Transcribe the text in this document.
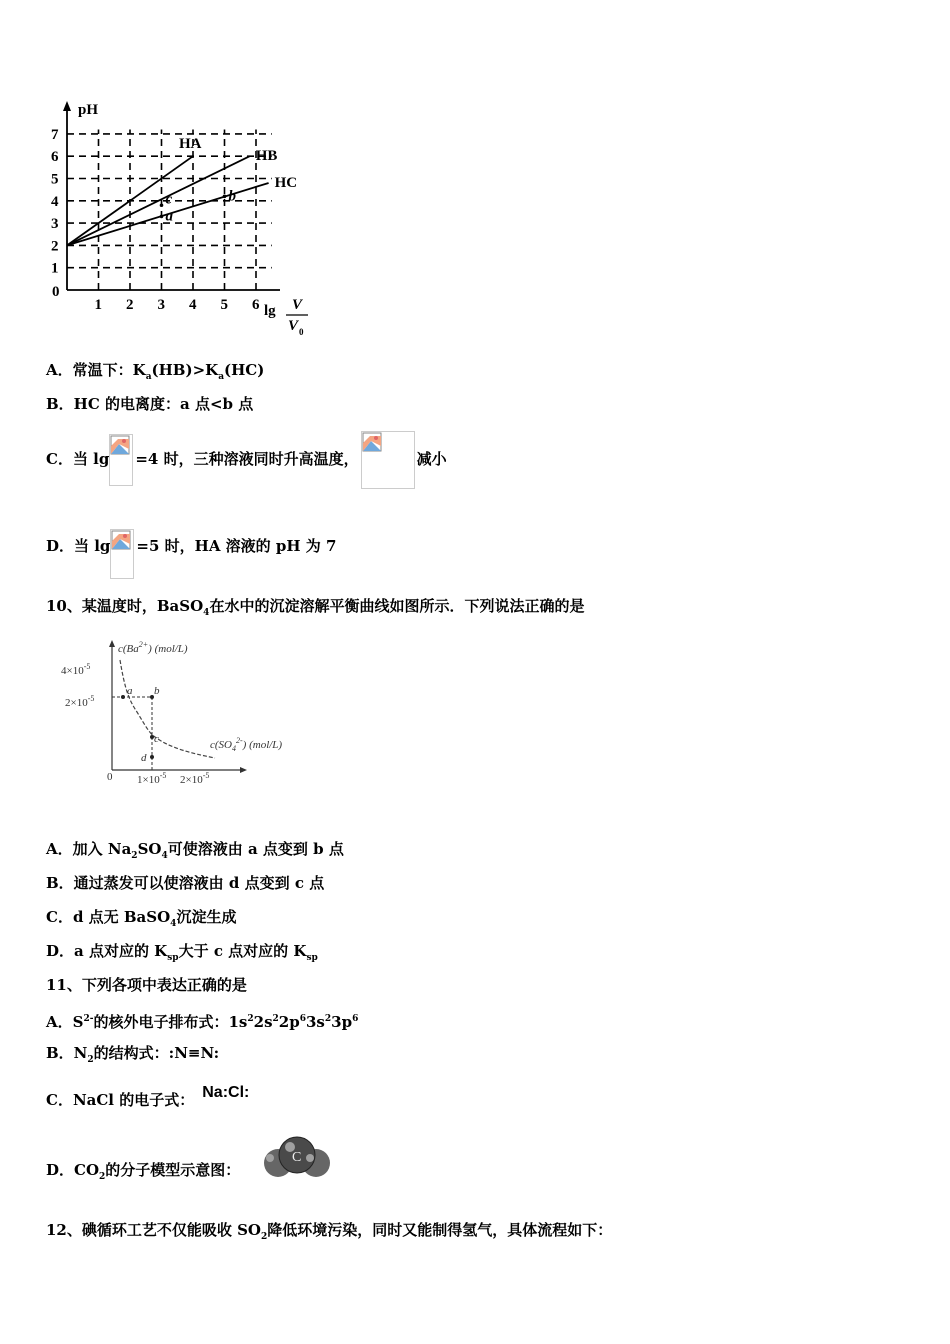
pH
0
1
2
3
4
5
6
7
1 2 3 4 5 6
HA
HB
HC
a
b
c
lg V
V 0
A．常温下：$K_a(HB)>K_a(HC)$
B．HC 的电离度：a 点<b 点
C．当 lg =4 时，三种溶液同时升高温度，	减小
D．当 lg =5 时，HA 溶液的 pH 为 7
10、某温度时，BaSO$_4$在水中的沉淀溶解平衡曲线如图所示．下列说法正确的是
$c(Ba^{2+})$ (mol/L)
$c(SO_4^{2-})$ (mol/L)
$4\times 10^{-5}$
$2\times 10^{-5}$
0 $1\times 10^{-5}$ $2\times 10^{-5}$
a b
c
d
A．加入 $Na_2SO_4$可使溶液由 a 点变到 b 点
B．通过蒸发可以使溶液由 d 点变到 c 点
C．d 点无 BaSO$_4$沉淀生成
D．a 点对应的 $K_{sp}$大于 c 点对应的 $K_{sp}$
11、下列各项中表达正确的是
A．$S^{2-}$的核外电子排布式：$1s^22s^22p^63s^23p^6$
B．$N_2$的结构式：:N≡N:
C．NaCl 的电子式： Na:Cl:
D．$CO_2$的分子模型示意图：
C
12、碘循环工艺不仅能吸收 $SO_2$降低环境污染，同时又能制得氢气，具体流程如下：
